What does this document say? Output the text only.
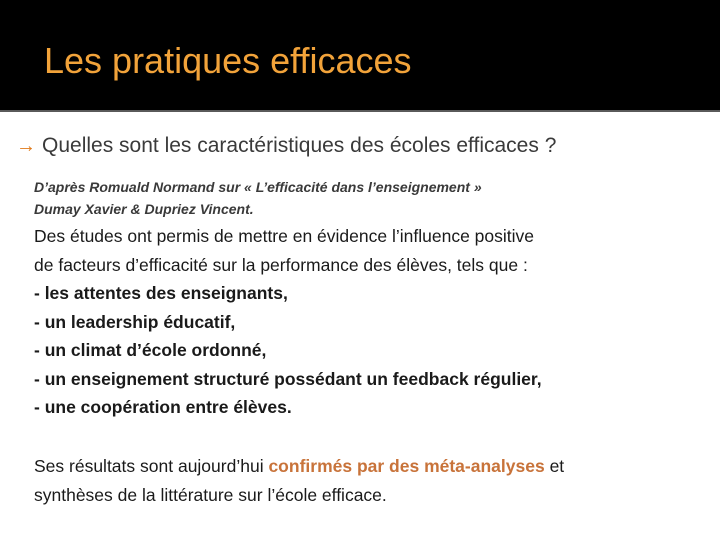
Les pratiques efficaces
→ Quelles sont les caractéristiques des écoles efficaces ?
D’après Romuald Normand sur « L’efficacité dans l’enseignement »
Dumay Xavier & Dupriez Vincent.
Des études ont permis de mettre en évidence l’influence positive
de facteurs d’efficacité sur la performance des élèves, tels que :
- les attentes des enseignants,
- un leadership éducatif,
- un climat d’école ordonné,
- un enseignement structuré possédant un feedback régulier,
- une coopération entre élèves.
Ses résultats sont aujourd’hui confirmés par des méta-analyses et
synthèses de la littérature sur l’école efficace.
